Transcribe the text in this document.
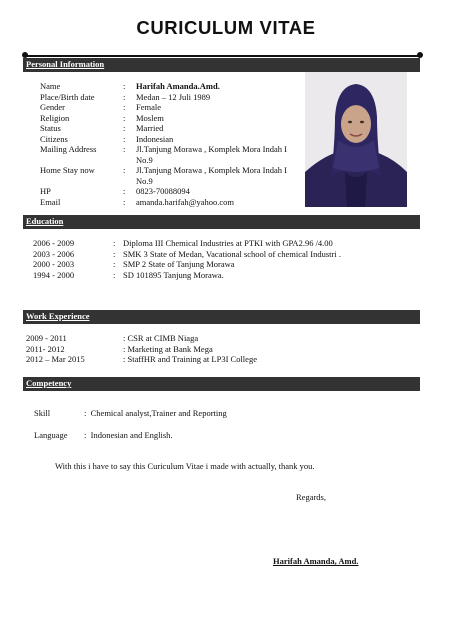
CURICULUM VITAE
Personal Information
Name	: Harifah Amanda.Amd.
Place/Birth date	: Medan – 12 Juli 1989
Gender	: Female
Religion	: Moslem
Status	: Married
Citizens	: Indonesian
Mailing Address	: Jl.Tanjung Morawa , Komplek Mora Indah I
No.9
Home Stay now	: Jl.Tanjung Morawa , Komplek Mora Indah I
No.9
HP	: 0823-70088094
Email	: amanda.harifah@yahoo.com
Education
2006 - 2009	: Diploma III Chemical Industries at PTKI with GPA2.96 /4.00
2003 - 2006	: SMK 3 State of Medan, Vacational school of chemical Industri .
2000 - 2003	: SMP 2 State of Tanjung Morawa
1994 - 2000	: SD 101895 Tanjung Morawa.
Work Experience
2009 - 2011	: CSR at CIMB Niaga
2011- 2012	: Marketing at Bank Mega
2012 – Mar 2015	: StaffHR and Training at LP3I College
Competency
Skill	:  Chemical analyst,Trainer and Reporting
Language :  Indonesian and English.
With this i have to say this Curiculum Vitae i made with actually, thank you.
Regards,
Harifah Amanda, Amd.
